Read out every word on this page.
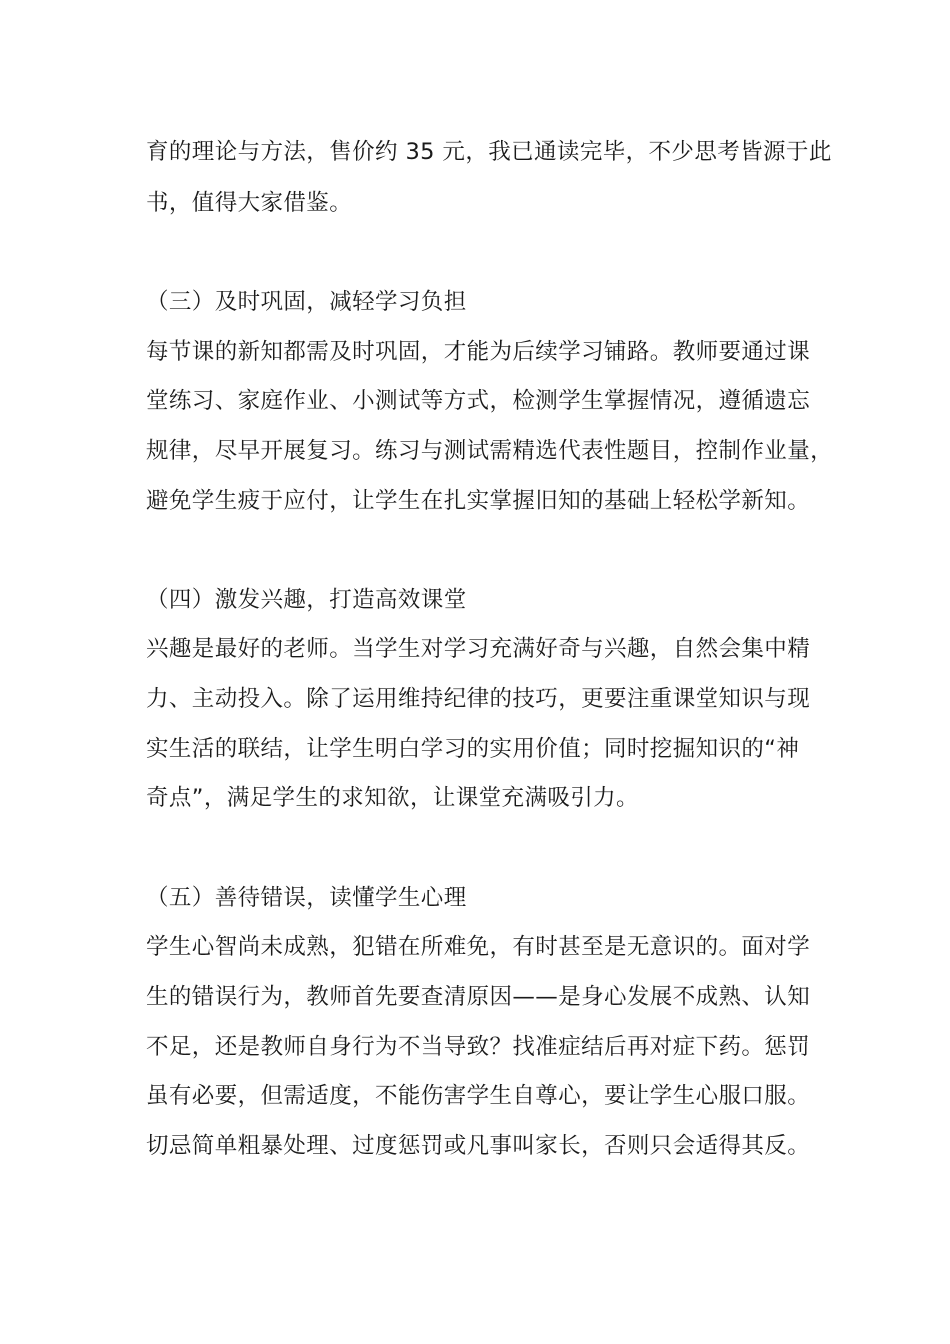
育的理论与方法，售价约 35 元，我已通读完毕，不少思考皆源于此
书，值得大家借鉴。
（三）及时巩固，减轻学习负担
每节课的新知都需及时巩固，才能为后续学习铺路。教师要通过课
堂练习、家庭作业、小测试等方式，检测学生掌握情况，遵循遗忘
规律，尽早开展复习。练习与测试需精选代表性题目，控制作业量，
避免学生疲于应付，让学生在扎实掌握旧知的基础上轻松学新知。
（四）激发兴趣，打造高效课堂
兴趣是最好的老师。当学生对学习充满好奇与兴趣，自然会集中精
力、主动投入。除了运用维持纪律的技巧，更要注重课堂知识与现
实生活的联结，让学生明白学习的实用价值；同时挖掘知识的“神
奇点”，满足学生的求知欲，让课堂充满吸引力。
（五）善待错误，读懂学生心理
学生心智尚未成熟，犯错在所难免，有时甚至是无意识的。面对学
生的错误行为，教师首先要查清原因——是身心发展不成熟、认知
不足，还是教师自身行为不当导致？找准症结后再对症下药。惩罚
虽有必要，但需适度，不能伤害学生自尊心，要让学生心服口服。
切忌简单粗暴处理、过度惩罚或凡事叫家长，否则只会适得其反。
